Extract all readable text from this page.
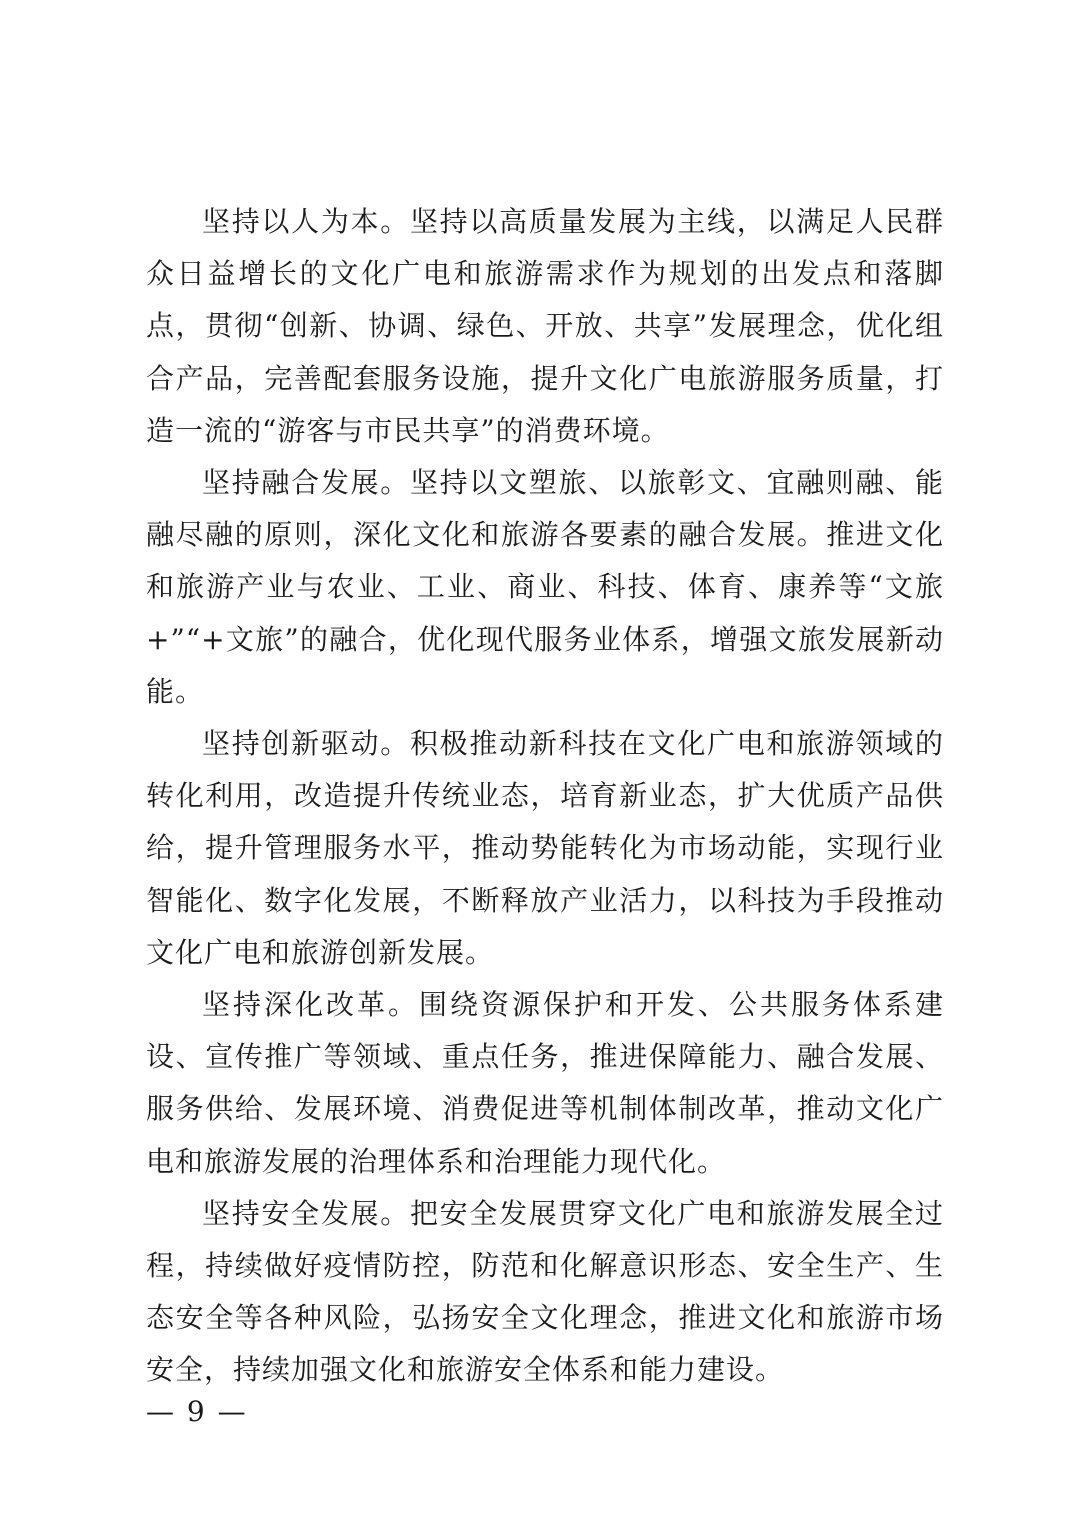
坚持以人为本。坚持以高质量发展为主线，以满足人民群众日益增长的文化广电和旅游需求作为规划的出发点和落脚点，贯彻“创新、协调、绿色、开放、共享”发展理念，优化组合产品，完善配套服务设施，提升文化广电旅游服务质量，打造一流的“游客与市民共享”的消费环境。

坚持融合发展。坚持以文塑旅、以旅彰文、宜融则融、能融尽融的原则，深化文化和旅游各要素的融合发展。推进文化和旅游产业与农业、工业、商业、科技、体育、康养等“文旅+”“+文旅”的融合，优化现代服务业体系，增强文旅发展新动能。

坚持创新驱动。积极推动新科技在文化广电和旅游领域的转化利用，改造提升传统业态，培育新业态，扩大优质产品供给，提升管理服务水平，推动势能转化为市场动能，实现行业智能化、数字化发展，不断释放产业活力，以科技为手段推动文化广电和旅游创新发展。

坚持深化改革。围绕资源保护和开发、公共服务体系建设、宣传推广等领域、重点任务，推进保障能力、融合发展、服务供给、发展环境、消费促进等机制体制改革，推动文化广电和旅游发展的治理体系和治理能力现代化。

坚持安全发展。把安全发展贯穿文化广电和旅游发展全过程，持续做好疫情防控，防范和化解意识形态、安全生产、生态安全等各种风险，弘扬安全文化理念，推进文化和旅游市场安全，持续加强文化和旅游安全体系和能力建设。

— 9 —
